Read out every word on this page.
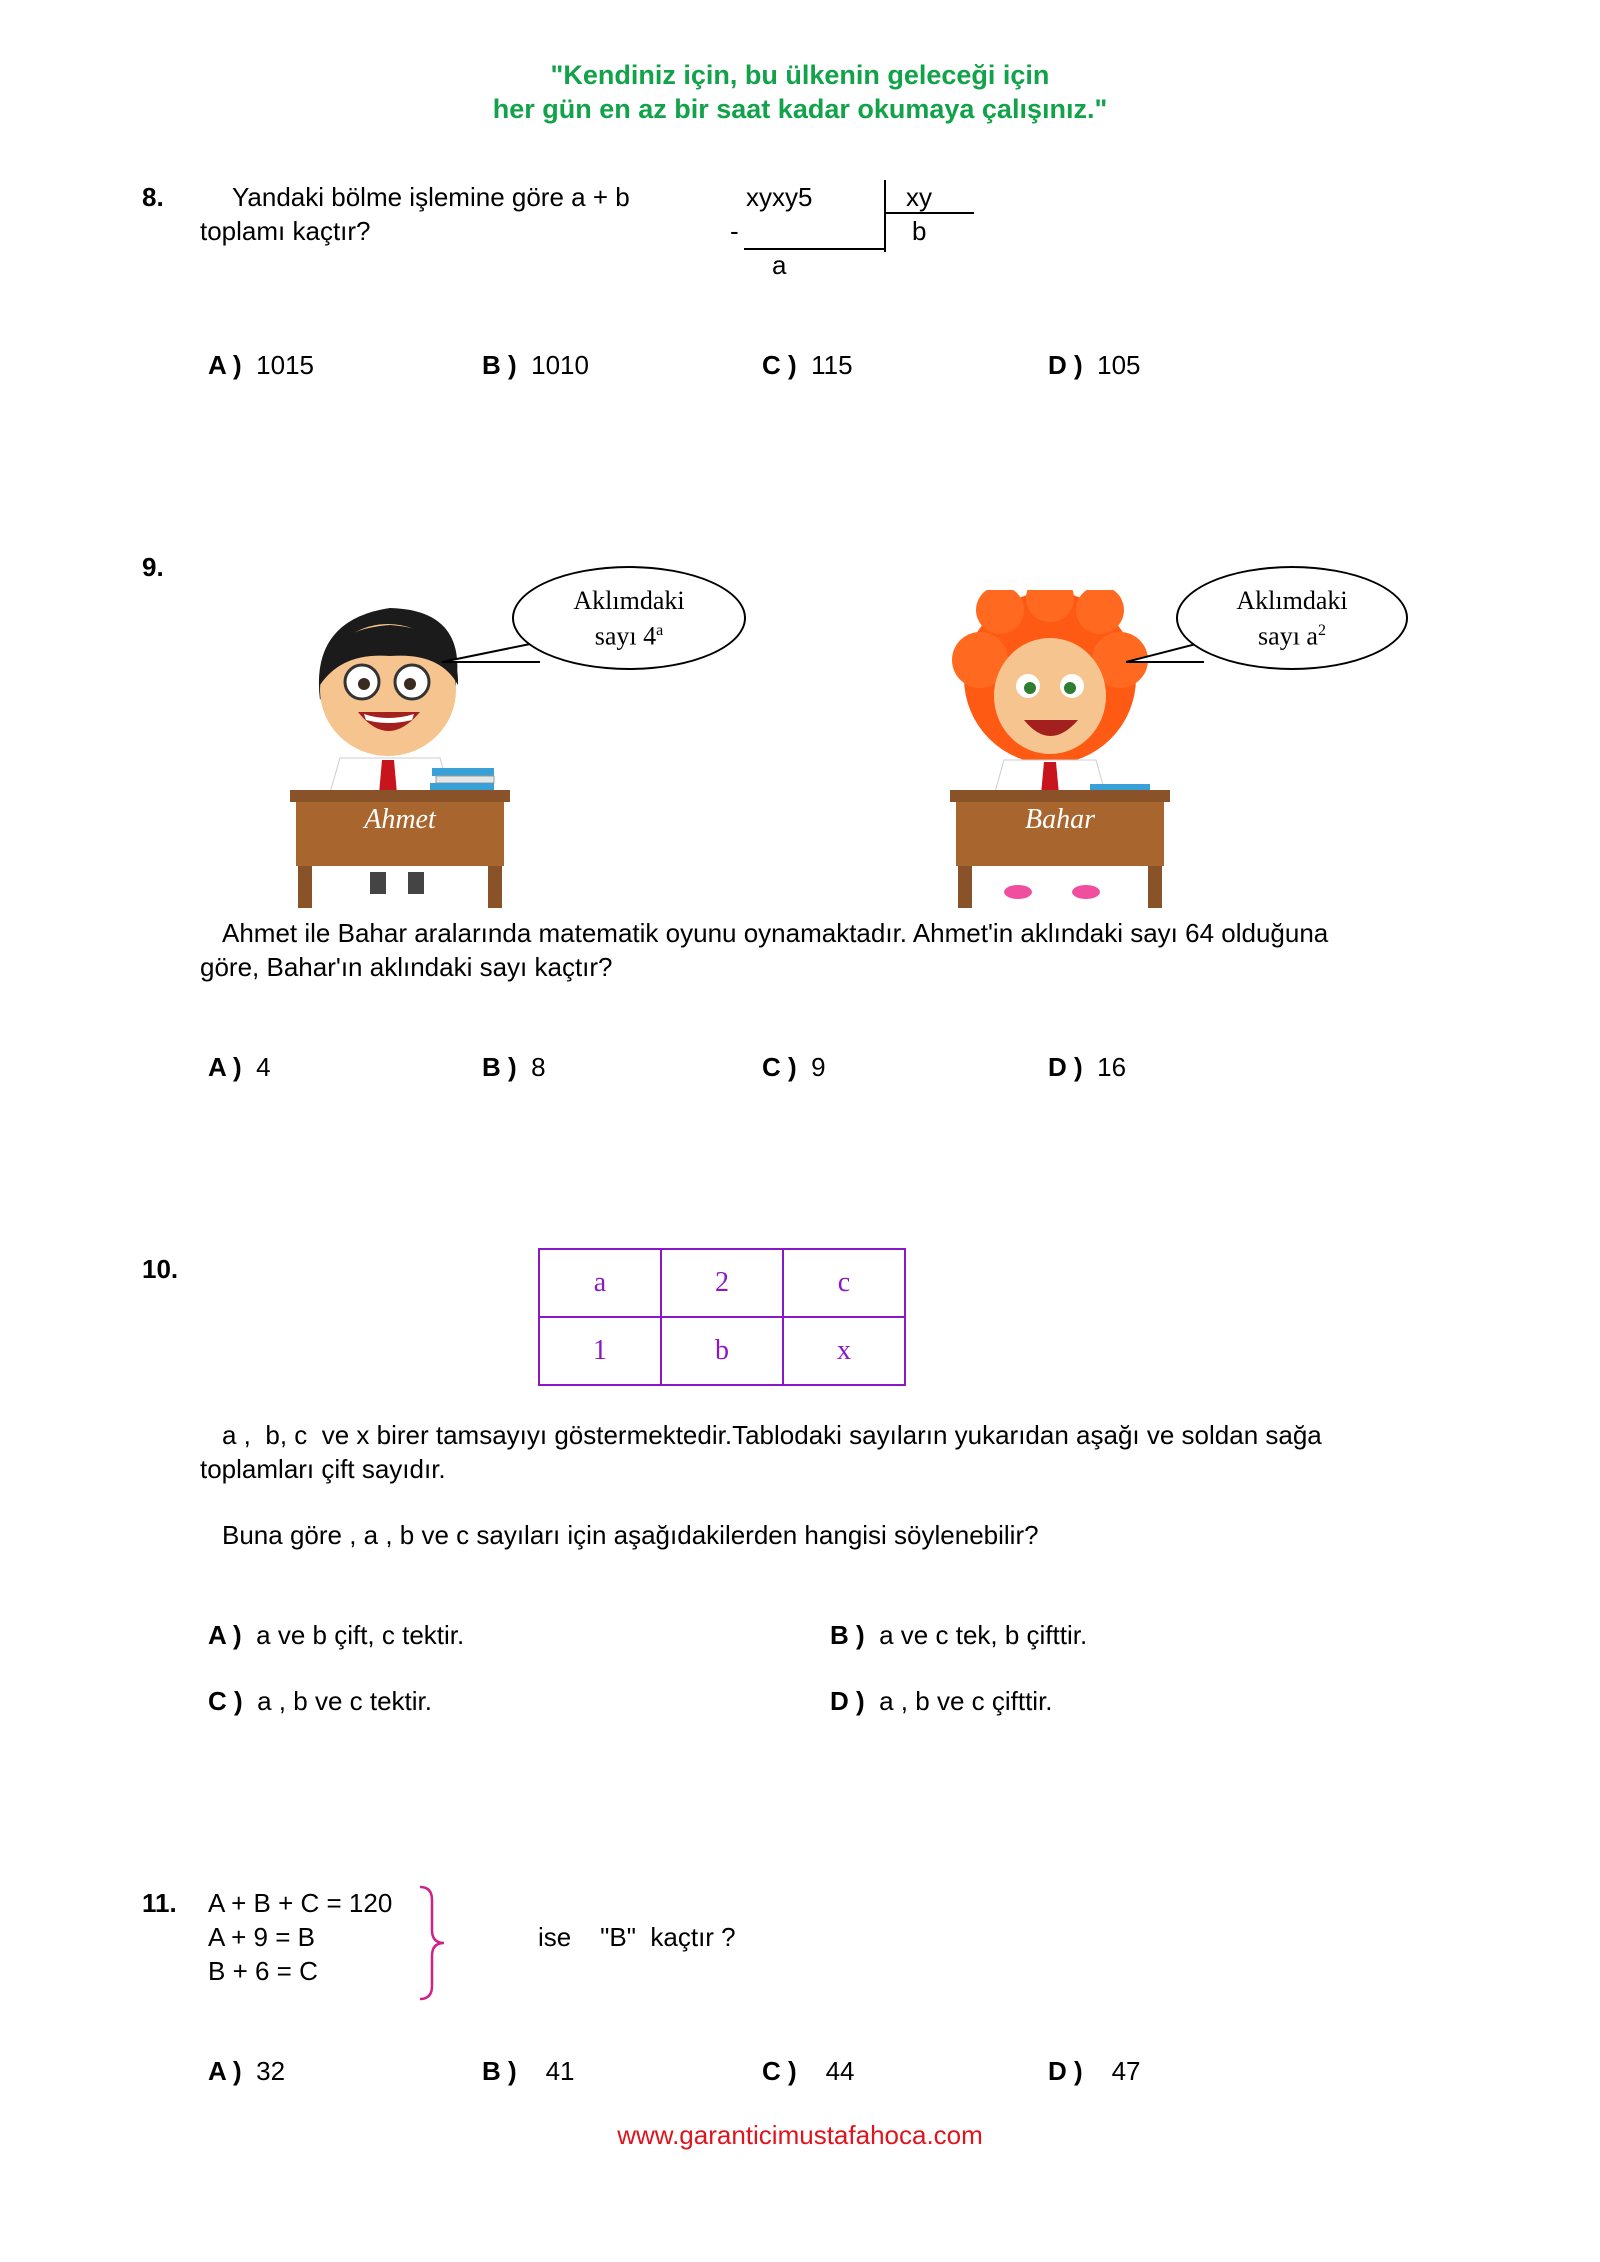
"Kendiniz için, bu ülkenin geleceği için
her gün en az bir saat kadar okumaya çalışınız."
8.	Yandaki bölme işlemine göre a + b
toplamı kaçtır?
xyxy5	xy
b
-
a
A ) 1015	B ) 1010	C ) 115	D ) 105
9.
Ahmet
Aklımdaki
sayı 4$^a$
Bahar
Aklımdaki
sayı $a^2$
Ahmet ile Bahar aralarında matematik oyunu oynamaktadır. Ahmet'in aklındaki sayı 64 olduğuna
göre, Bahar'ın aklındaki sayı kaçtır?
A ) 4	B ) 8	C ) 9	D ) 16
10.	a	2	c
1	b	x
a ,  b, c  ve x birer tamsayıyı göstermektedir.Tablodaki sayıların yukarıdan aşağı ve soldan sağa
toplamları çift sayıdır.
Buna göre , a , b ve c sayıları için aşağıdakilerden hangisi söylenebilir?
A ) a ve b çift, c tektir.	B ) a ve c tek, b çifttir.
C ) a , b ve c tektir.	D ) a , b ve c çifttir.
11. A + B + C = 120
A + 9 = B
B + 6 = C
ise    "B"  kaçtır ?
A ) 32	B ) 41	C ) 44	D ) 47
www.garanticimustafahoca.com
